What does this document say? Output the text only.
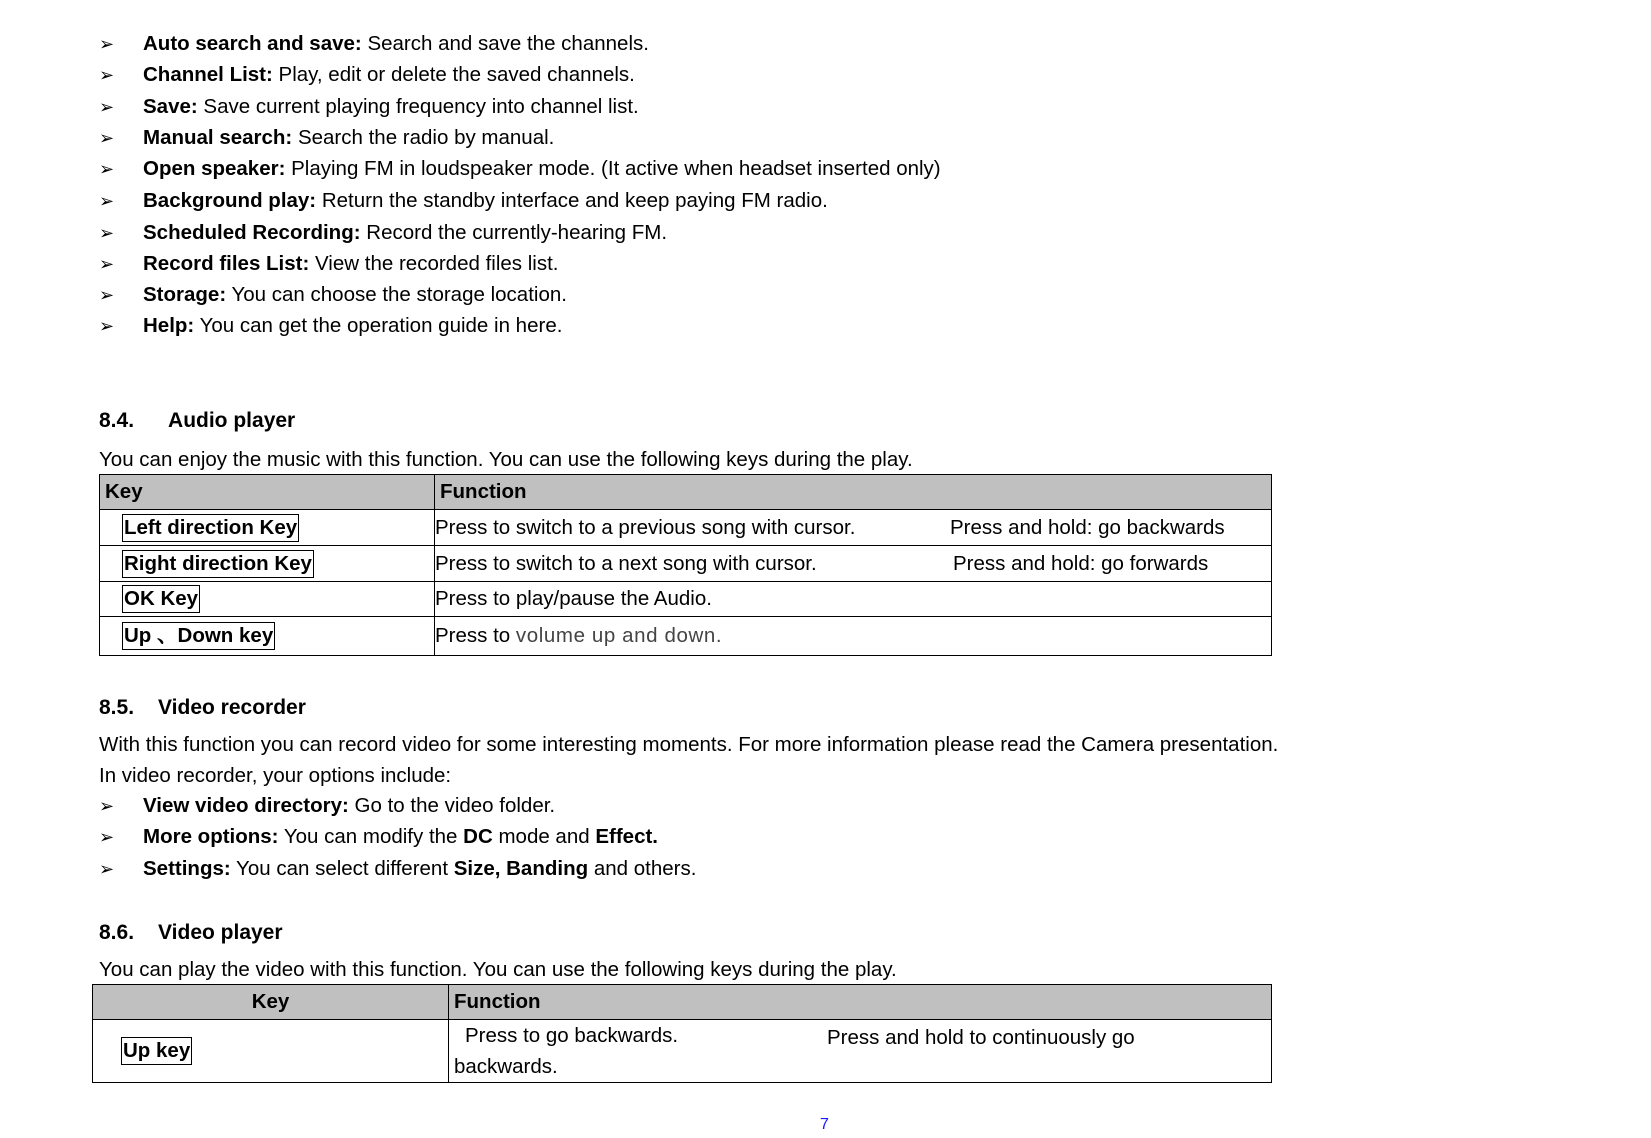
➢ Auto search and save: Search and save the channels.
➢ Channel List: Play, edit or delete the saved channels.
➢ Save: Save current playing frequency into channel list.
➢ Manual search: Search the radio by manual.
➢ Open speaker: Playing FM in loudspeaker mode. (It active when headset inserted only)
➢ Background play: Return the standby interface and keep paying FM radio.
➢ Scheduled Recording: Record the currently-hearing FM.
➢ Record files List: View the recorded files list.
➢ Storage: You can choose the storage location.
➢ Help: You can get the operation guide in here.
8.4. Audio player
You can enjoy the music with this function. You can use the following keys during the play.
Key	Function
Left direction Key	Press to switch to a previous song with cursor. Press and hold: go backwards

Right direction Key	Press to switch to a next song with cursor. Press and hold: go forwards

OK Key	Press to play/pause the Audio.
Up 、Down key	Press to volume up and down.
8.5. Video recorder
With this function you can record video for some interesting moments. For more information please read the Camera presentation.
In video recorder, your options include:
➢ View video directory: Go to the video folder.
➢ More options: You can modify the DC mode and Effect.
➢ Settings: You can select different Size, Banding and others.
8.6. Video player
You can play the video with this function. You can use the following keys during the play.
Key	Function
Up key	Press to go backwards. Press and hold to continuously go
backwards.
7
